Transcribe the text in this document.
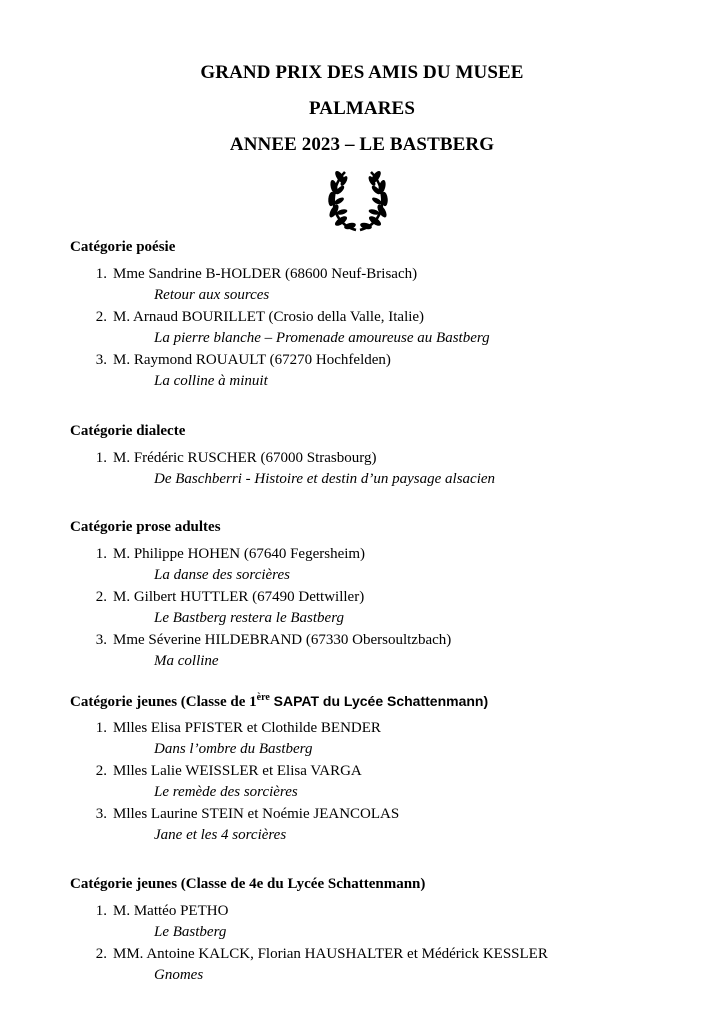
GRAND PRIX DES AMIS DU MUSEE
PALMARES
ANNEE 2023 – LE BASTBERG
Catégorie poésie
1. Mme Sandrine B-HOLDER (68600 Neuf-Brisach)
Retour aux sources
2. M. Arnaud BOURILLET (Crosio della Valle, Italie)
La pierre blanche – Promenade amoureuse au Bastberg
3. M. Raymond ROUAULT (67270 Hochfelden)
La colline à minuit
Catégorie dialecte
1. M. Frédéric RUSCHER (67000 Strasbourg)
De Baschberri - Histoire et destin d’un paysage alsacien
Catégorie prose adultes
1. M. Philippe HOHEN (67640 Fegersheim)
La danse des sorcières
2. M. Gilbert HUTTLER (67490 Dettwiller)
Le Bastberg restera le Bastberg
3. Mme Séverine HILDEBRAND (67330 Obersoultzbach)
Ma colline
Catégorie jeunes (Classe de 1ère SAPAT du Lycée Schattenmann)
1. Mlles Elisa PFISTER et Clothilde BENDER
Dans l’ombre du Bastberg
2. Mlles Lalie WEISSLER et Elisa VARGA
Le remède des sorcières
3. Mlles Laurine STEIN et Noémie JEANCOLAS
Jane et les 4 sorcières
Catégorie jeunes (Classe de 4e du Lycée Schattenmann)
1. M. Mattéo PETHO
Le Bastberg
2. MM. Antoine KALCK, Florian HAUSHALTER et Médérick KESSLER
Gnomes
